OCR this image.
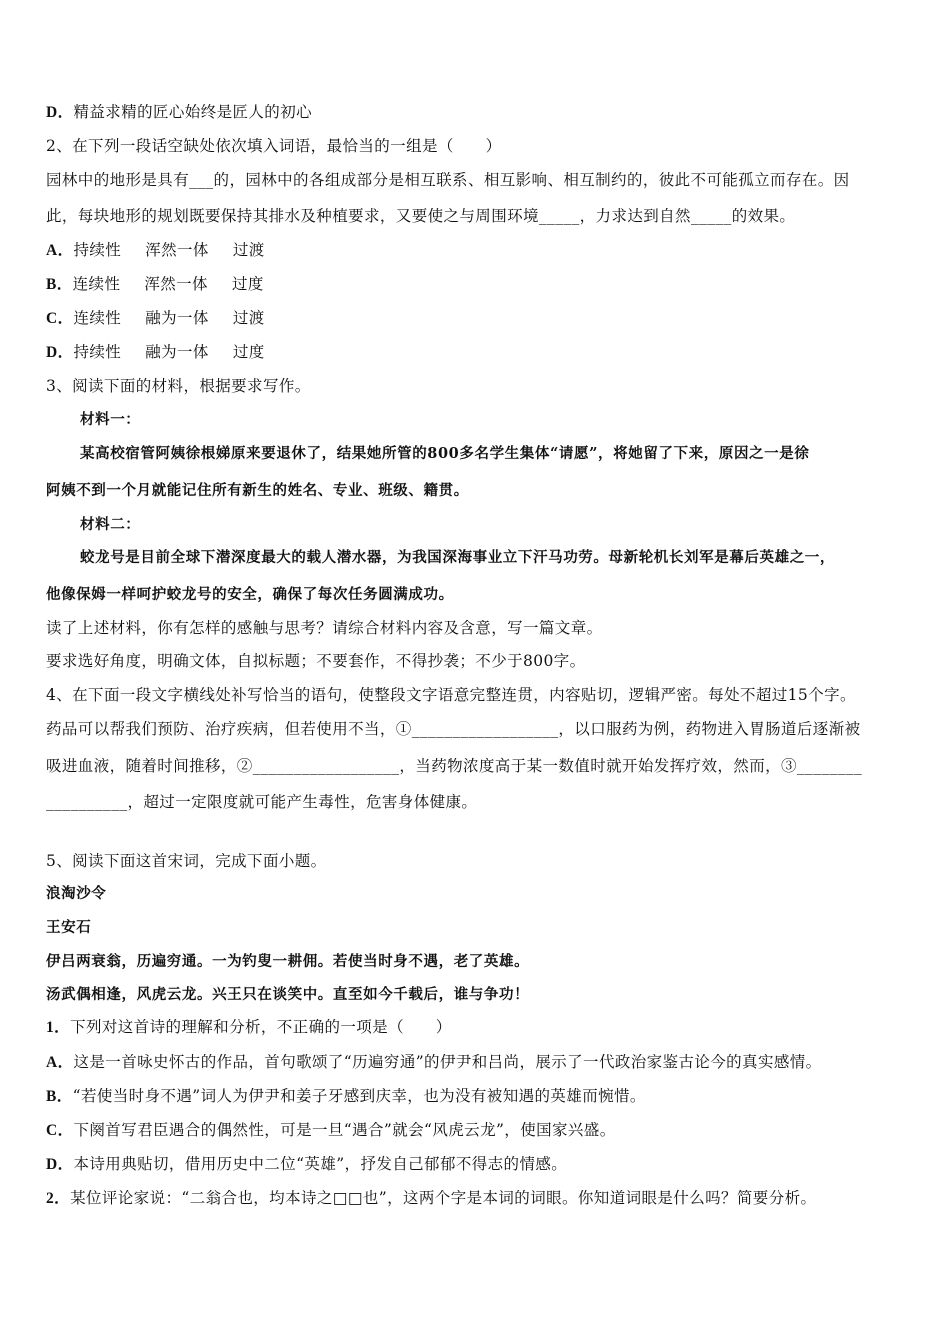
D．精益求精的匠心始终是匠人的初心
2、在下列一段话空缺处依次填入词语，最恰当的一组是（　　）
园林中的地形是具有___的，园林中的各组成部分是相互联系、相互影响、相互制约的，彼此不可能孤立而存在。因
此，每块地形的规划既要保持其排水及种植要求，又要使之与周围环境_____，力求达到自然_____的效果。
A．持续性 浑然一体 过渡
B．连续性 浑然一体 过度
C．连续性 融为一体 过渡
D．持续性 融为一体 过度
3、阅读下面的材料，根据要求写作。
材料一：
某高校宿管阿姨徐根娣原来要退休了，结果她所管的800多名学生集体“请愿”，将她留了下来，原因之一是徐
阿姨不到一个月就能记住所有新生的姓名、专业、班级、籍贯。
材料二：
蛟龙号是目前全球下潜深度最大的载人潜水器，为我国深海事业立下汗马功劳。母新轮机长刘军是幕后英雄之一，
他像保姆一样呵护蛟龙号的安全，确保了每次任务圆满成功。
读了上述材料，你有怎样的感触与思考？请综合材料内容及含意，写一篇文章。
要求选好角度，明确文体，自拟标题；不要套作，不得抄袭；不少于800字。
4、在下面一段文字横线处补写恰当的语句，使整段文字语意完整连贯，内容贴切，逻辑严密。每处不超过15个字。
药品可以帮我们预防、治疗疾病，但若使用不当，①__________________，以口服药为例，药物进入胃肠道后逐渐被
吸进血液，随着时间推移，②__________________，当药物浓度高于某一数值时就开始发挥疗效，然而，③________
__________，超过一定限度就可能产生毒性，危害身体健康。
5、阅读下面这首宋词，完成下面小题。
浪淘沙令
王安石
伊吕两衰翁，历遍穷通。一为钓叟一耕佣。若使当时身不遇，老了英雄。
汤武偶相逢，风虎云龙。兴王只在谈笑中。直至如今千载后，谁与争功！
1．下列对这首诗的理解和分析，不正确的一项是（　　）
A．这是一首咏史怀古的作品，首句歌颂了“历遍穷通”的伊尹和吕尚，展示了一代政治家鉴古论今的真实感情。
B．“若使当时身不遇”词人为伊尹和姜子牙感到庆幸，也为没有被知遇的英雄而惋惜。
C．下阕首写君臣遇合的偶然性，可是一旦“遇合”就会“风虎云龙”，使国家兴盛。
D．本诗用典贴切，借用历史中二位“英雄”，抒发自己郁郁不得志的情感。
2．某位评论家说：“二翁合也，均本诗之□□也”，这两个字是本词的词眼。你知道词眼是什么吗？简要分析。
